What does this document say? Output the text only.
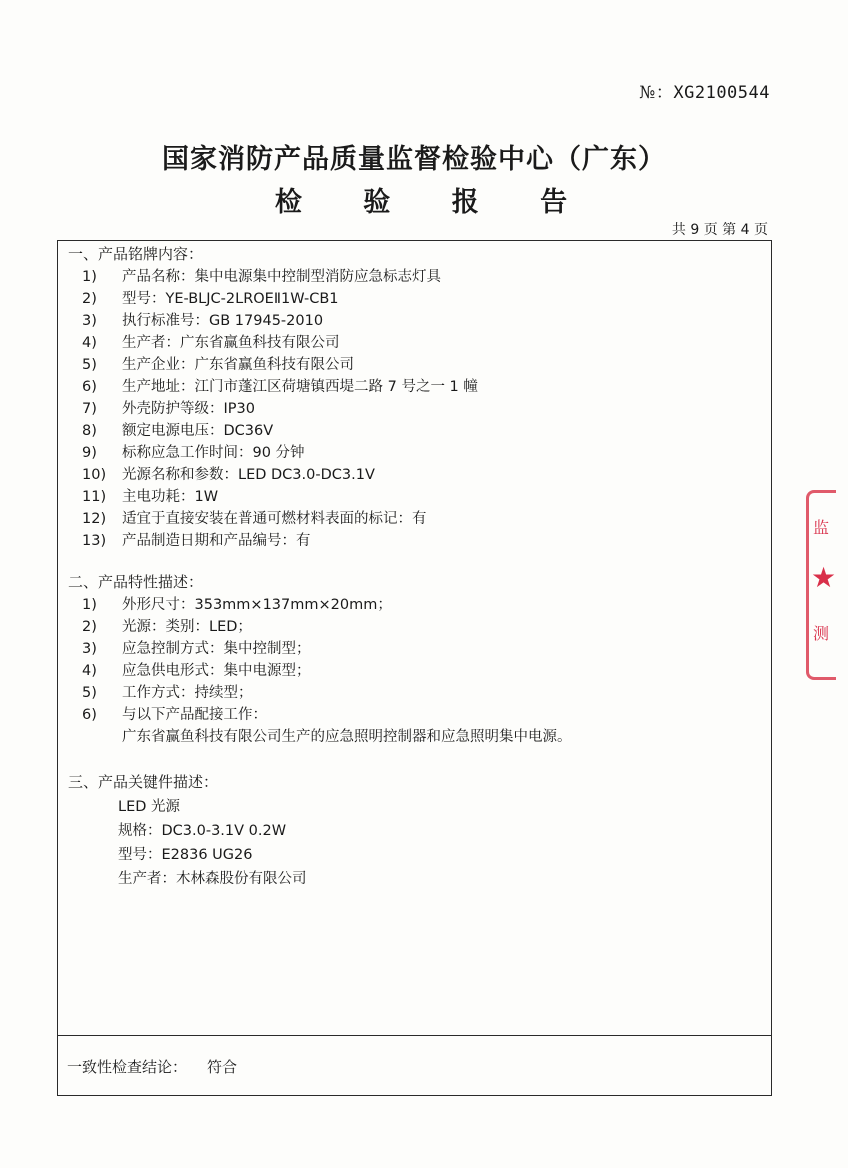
№：XG2100544
国家消防产品质量监督检验中心（广东）
检 验 报 告
共 9 页 第 4 页
一、产品铭牌内容：
1) 产品名称：集中电源集中控制型消防应急标志灯具
2) 型号：YE-BLJC-2LROEⅡ1W-CB1
3) 执行标准号：GB 17945-2010
4) 生产者：广东省赢鱼科技有限公司
5) 生产企业：广东省赢鱼科技有限公司
6) 生产地址：江门市蓬江区荷塘镇西堤二路 7 号之一 1 幢
7) 外壳防护等级：IP30
8) 额定电源电压：DC36V
9) 标称应急工作时间：90 分钟
10) 光源名称和参数：LED DC3.0-DC3.1V
11) 主电功耗：1W
12) 适宜于直接安装在普通可燃材料表面的标记：有
13) 产品制造日期和产品编号：有
二、产品特性描述：
1) 外形尺寸：353mm×137mm×20mm；
2) 光源：类别：LED；
3) 应急控制方式：集中控制型；
4) 应急供电形式：集中电源型；
5) 工作方式：持续型；
6) 与以下产品配接工作：
广东省赢鱼科技有限公司生产的应急照明控制器和应急照明集中电源。
三、产品关键件描述：
LED 光源
规格：DC3.0-3.1V 0.2W
型号：E2836 UG26
生产者：木林森股份有限公司
一致性检查结论： 符合
监
★
测
